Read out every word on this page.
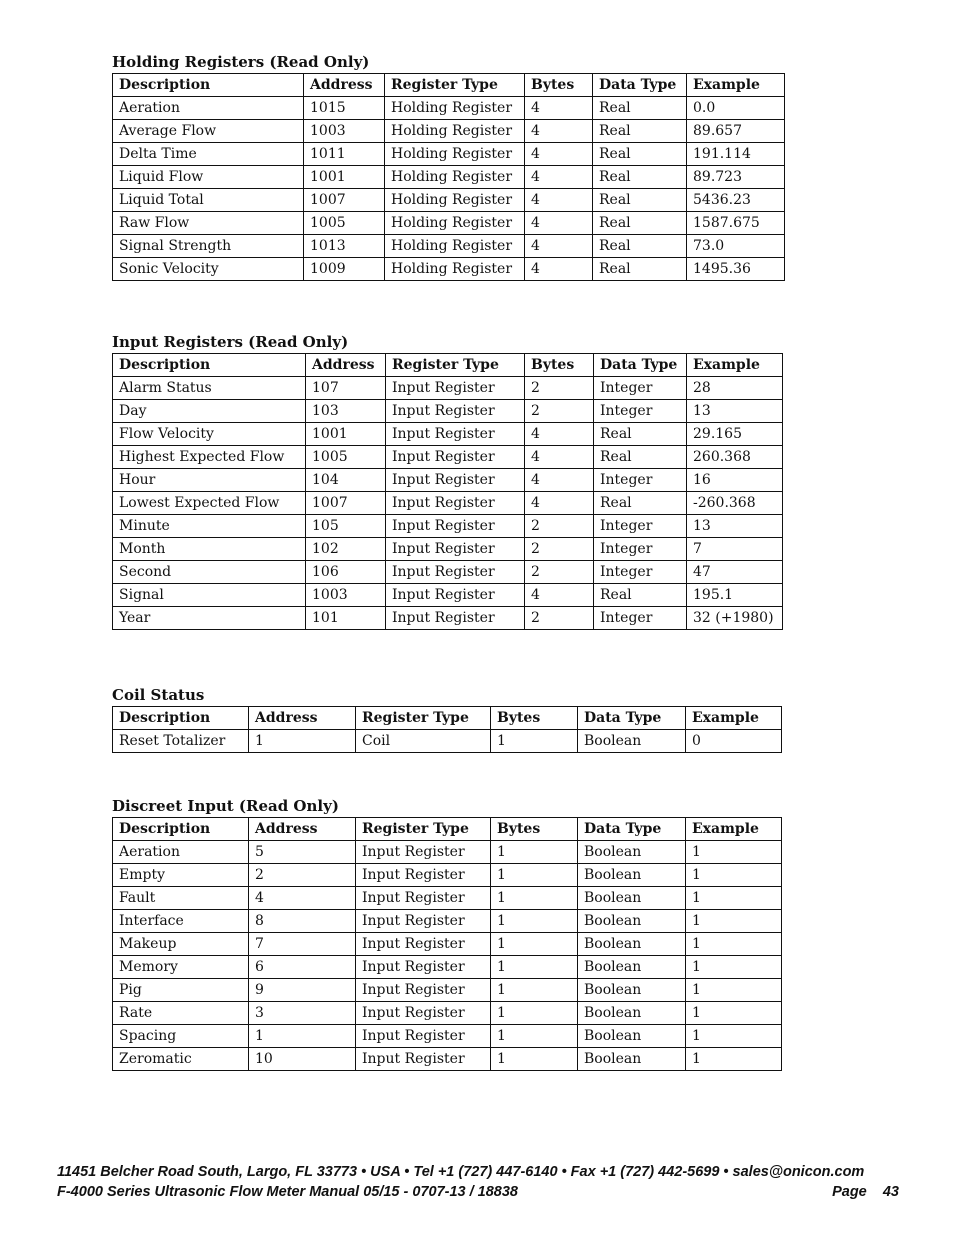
Holding Registers (Read Only)
Description	Address	Register Type	Bytes	Data Type	Example
Aeration	1015	Holding Register	4	Real	0.0
Average Flow	1003	Holding Register	4	Real	89.657
Delta Time	1011	Holding Register	4	Real	191.114
Liquid Flow	1001	Holding Register	4	Real	89.723
Liquid Total	1007	Holding Register	4	Real	5436.23
Raw Flow	1005	Holding Register	4	Real	1587.675
Signal Strength	1013	Holding Register	4	Real	73.0
Sonic Velocity	1009	Holding Register	4	Real	1495.36
Input Registers (Read Only)
Description	Address	Register Type	Bytes	Data Type	Example
Alarm Status	107	Input Register	2	Integer	28
Day	103	Input Register	2	Integer	13
Flow Velocity	1001	Input Register	4	Real	29.165
Highest Expected Flow	1005	Input Register	4	Real	260.368
Hour	104	Input Register	4	Integer	16
Lowest Expected Flow	1007	Input Register	4	Real	-260.368
Minute	105	Input Register	2	Integer	13
Month	102	Input Register	2	Integer	7
Second	106	Input Register	2	Integer	47
Signal	1003	Input Register	4	Real	195.1
Year	101	Input Register	2	Integer	32 (+1980)
Coil Status
Description	Address	Register Type	Bytes	Data Type	Example
Reset Totalizer	1	Coil	1	Boolean	0
Discreet Input (Read Only)
Description	Address	Register Type	Bytes	Data Type	Example
Aeration	5	Input Register	1	Boolean	1
Empty	2	Input Register	1	Boolean	1
Fault	4	Input Register	1	Boolean	1
Interface	8	Input Register	1	Boolean	1
Makeup	7	Input Register	1	Boolean	1
Memory	6	Input Register	1	Boolean	1
Pig	9	Input Register	1	Boolean	1
Rate	3	Input Register	1	Boolean	1
Spacing	1	Input Register	1	Boolean	1
Zeromatic	10	Input Register	1	Boolean	1
11451 Belcher Road South, Largo, FL 33773 • USA • Tel +1 (727) 447-6140 • Fax +1 (727) 442-5699 • sales@onicon.com
F-4000 Series Ultrasonic Flow Meter Manual 05/15 - 0707-13 / 18838	Page    43
